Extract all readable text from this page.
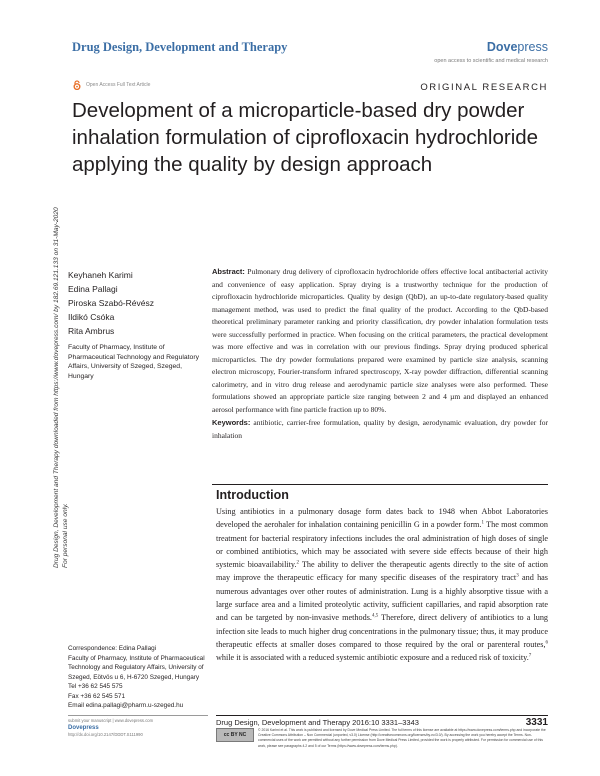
Drug Design, Development and Therapy	Dovepress
open access to scientific and medical research
Open Access Full Text Article	ORIGINAL RESEARCH
Development of a microparticle-based dry powder inhalation formulation of ciprofloxacin hydrochloride applying the quality by design approach
Drug Design, Development and Therapy downloaded from https://www.dovepress.com/ by 182.69.121.133 on 31-May-2020 For personal use only.
Keyhaneh Karimi
Edina Pallagi
Piroska Szabó-Révész
Ildikó Csóka
Rita Ambrus
Faculty of Pharmacy, Institute of Pharmaceutical Technology and Regulatory Affairs, University of Szeged, Szeged, Hungary

Abstract: Pulmonary drug delivery of ciprofloxacin hydrochloride offers effective local antibacterial activity and convenience of easy application. Spray drying is a trustworthy technique for the production of ciprofloxacin hydrochloride microparticles. Quality by design (QbD), an up-to-date regulatory-based quality management method, was used to predict the final quality of the product. According to the QbD-based theoretical preliminary parameter ranking and priority classification, dry powder inhalation formulation tests were successfully performed in practice. When focusing on the critical parameters, the practical development was more effective and was in correlation with our previous findings. Spray drying produced spherical microparticles. The dry powder formulations prepared were examined by particle size analysis, scanning electron microscopy, Fourier-transform infrared spectroscopy, X-ray powder diffraction, differential scanning calorimetry, and in vitro drug release and aerodynamic particle size analyses were also performed. These formulations showed an appropriate particle size ranging between 2 and 4 µm and displayed an enhanced aerosol performance with fine particle fraction up to 80%.

Keywords: antibiotic, carrier-free formulation, quality by design, aerodynamic evaluation, dry powder for inhalation

Introduction

Using antibiotics in a pulmonary dosage form dates back to 1948 when Abbot Laboratories developed the aerohaler for inhalation containing penicillin G in a powder form.$^1$ The most common treatment for bacterial respiratory infections includes the oral administration of high doses of single or combined antibiotics, which may be associated with severe side effects because of their high systemic bioavailability.$^2$ The ability to deliver the therapeutic agents directly to the site of action may improve the therapeutic efficacy for many specific diseases of the respiratory tract$^3$ and has numerous advantages over other routes of administration. Lung is a highly absorptive tissue with a large surface area and a limited proteolytic activity, sufficient capillaries, and rapid absorption rate and can be targeted by non-invasive methods.$^{4,5}$ Therefore, direct delivery of antibiotics to a lung infection site leads to much higher drug concentrations in the pulmonary tissue; thus, it may produce therapeutic effects at smaller doses compared to those required by the oral or parenteral routes,$^6$ while it is associated with a reduced systemic antibiotic exposure and a reduced risk of toxicity.$^7$

Correspondence: Edina Pallagi
Faculty of Pharmacy, Institute of Pharmaceutical Technology and Regulatory Affairs, University of Szeged, Eötvös u 6, H-6720 Szeged, Hungary
Tel +36 62 545 575
Fax +36 62 545 571
Email edina.pallagi@pharm.u-szeged.hu
submit your manuscript | www.dovepress.com
Dovepress
http://dx.doi.org/10.2147/DDDT.S111990
Drug Design, Development and Therapy 2016:10 3331–3343	3331
cc BY NC
© 2016 Karimi et al. This work is published and licensed by Dove Medical Press Limited. The full terms of this license are available at https://www.dovepress.com/terms.php and incorporate the Creative Commons Attribution – Non Commercial (unported, v3.0) License (http://creativecommons.org/licenses/by-nc/3.0/). By accessing the work you hereby accept the Terms. Non-commercial uses of the work are permitted without any further permission from Dove Medical Press Limited, provided the work is properly attributed. For permission for commercial use of this work, please see paragraphs 4.2 and 5 of our Terms (https://www.dovepress.com/terms.php).
